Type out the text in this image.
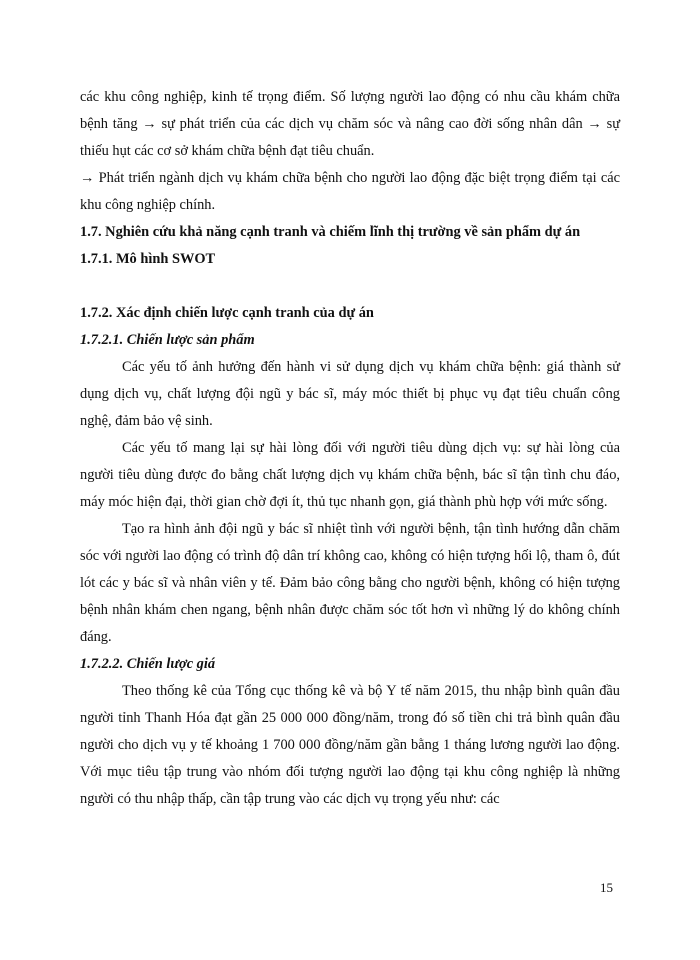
các khu công nghiệp, kinh tế trọng điểm. Số lượng người lao động có nhu cầu khám chữa bệnh tăng → sự phát triển của các dịch vụ chăm sóc và nâng cao đời sống nhân dân → sự thiếu hụt các cơ sở khám chữa bệnh đạt tiêu chuẩn.

→ Phát triển ngành dịch vụ khám chữa bệnh cho người lao động đặc biệt trọng điểm tại các khu công nghiệp chính.

1.7. Nghiên cứu khả năng cạnh tranh và chiếm lĩnh thị trường về sản phẩm dự án
1.7.1. Mô hình SWOT
1.7.2. Xác định chiến lược cạnh tranh của dự án
1.7.2.1. Chiến lược sản phẩm

Các yếu tố ảnh hưởng đến hành vi sử dụng dịch vụ khám chữa bệnh: giá thành sử dụng dịch vụ, chất lượng đội ngũ y bác sĩ, máy móc thiết bị phục vụ đạt tiêu chuẩn công nghệ, đảm bảo vệ sinh.

Các yếu tố mang lại sự hài lòng đối với người tiêu dùng dịch vụ: sự hài lòng của người tiêu dùng được đo bằng chất lượng dịch vụ khám chữa bệnh, bác sĩ tận tình chu đáo, máy móc hiện đại, thời gian chờ đợi ít, thủ tục nhanh gọn, giá thành phù hợp với mức sống.

Tạo ra hình ảnh đội ngũ y bác sĩ nhiệt tình với người bệnh, tận tình hướng dẫn chăm sóc với người lao động có trình độ dân trí không cao, không có hiện tượng hối lộ, tham ô, đút lót các y bác sĩ và nhân viên y tế. Đảm bảo công bằng cho người bệnh, không có hiện tượng bệnh nhân khám chen ngang, bệnh nhân được chăm sóc tốt hơn vì những lý do không chính đáng.

1.7.2.2. Chiến lược giá

Theo thống kê của Tổng cục thống kê và bộ Y tế năm 2015, thu nhập bình quân đầu người tỉnh Thanh Hóa đạt gần 25 000 000 đồng/năm, trong đó số tiền chi trả bình quân đầu người cho dịch vụ y tế khoảng 1 700 000 đồng/năm gần bằng 1 tháng lương người lao động. Với mục tiêu tập trung vào nhóm đối tượng người lao động tại khu công nghiệp là những người có thu nhập thấp, cần tập trung vào các dịch vụ trọng yếu như: các

15
